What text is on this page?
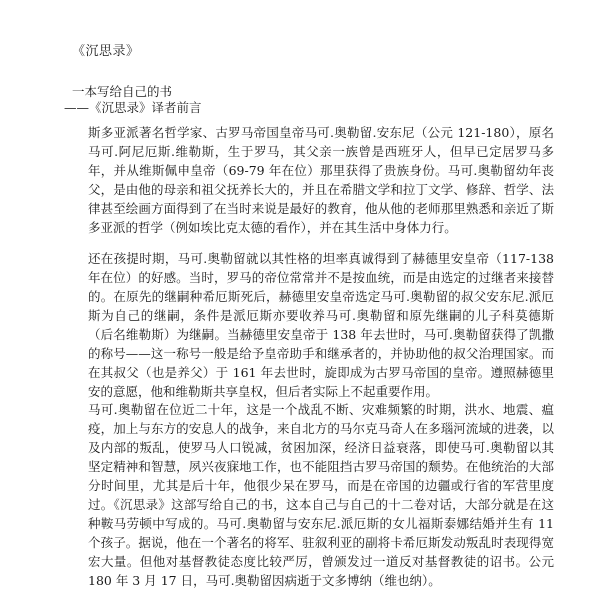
《沉思录》
一本写给自己的书
——《沉思录》译者前言

斯多亚派著名哲学家、古罗马帝国皇帝马可.奥勒留.安东尼（公元 121-180），原名马可.阿尼厄斯.维勒斯，生于罗马，其父亲一族曾是西班牙人，但早已定居罗马多年，并从维斯佩申皇帝（69-79 年在位）那里获得了贵族身份。马可.奥勒留幼年丧父，是由他的母亲和祖父抚养长大的，并且在希腊文学和拉丁文学、修辞、哲学、法律甚至绘画方面得到了在当时来说是最好的教育，他从他的老师那里熟悉和亲近了斯多亚派的哲学（例如埃比克太德的看作），并在其生活中身体力行。

还在孩提时期，马可.奥勒留就以其性格的坦率真诚得到了赫德里安皇帝（117-138 年在位）的好感。当时，罗马的帝位常常并不是按血统，而是由选定的过继者来接替的。在原先的继嗣种希厄斯死后，赫德里安皇帝选定马可.奥勒留的叔父安东尼.派厄斯为自己的继嗣，条件是派厄斯亦要收养马可.奥勒留和原先继嗣的儿子科莫德斯（后名维勒斯）为继嗣。当赫德里安皇帝于 138 年去世时，马可.奥勒留获得了凯撒的称号——这一称号一般是给予皇帝助手和继承者的，并协助他的叔父治理国家。而在其叔父（也是养父）于 161 年去世时，旋即成为古罗马帝国的皇帝。遵照赫德里安的意愿，他和维勒斯共享皇权，但后者实际上不起重要作用。

马可.奥勒留在位近二十年，这是一个战乱不断、灾难频繁的时期，洪水、地震、瘟疫，加上与东方的安息人的战争，来自北方的马尔克马奇人在多瑙河流域的进袭，以及内部的叛乱，使罗马人口锐减，贫困加深，经济日益衰落，即使马可.奥勒留以其坚定精神和智慧，夙兴夜寐地工作，也不能阻挡古罗马帝国的颓势。在他统治的大部分时间里，尤其是后十年，他很少呆在罗马，而是在帝国的边疆或行省的军营里度过。《沉思录》这部写给自己的书，这本自己与自己的十二卷对话，大部分就是在这种鞍马劳顿中写成的。马可.奥勒留与安东尼.派厄斯的女儿福斯泰娜结婚并生有 11 个孩子。据说，他在一个著名的将军、驻叙利亚的副将卡希厄斯发动叛乱时表现得宽宏大量。但他对基督教徒态度比较严厉，曾颁发过一道反对基督教徒的诏书。公元 180 年 3 月 17 日，马可.奥勒留因病逝于文多博纳（维也纳）。
